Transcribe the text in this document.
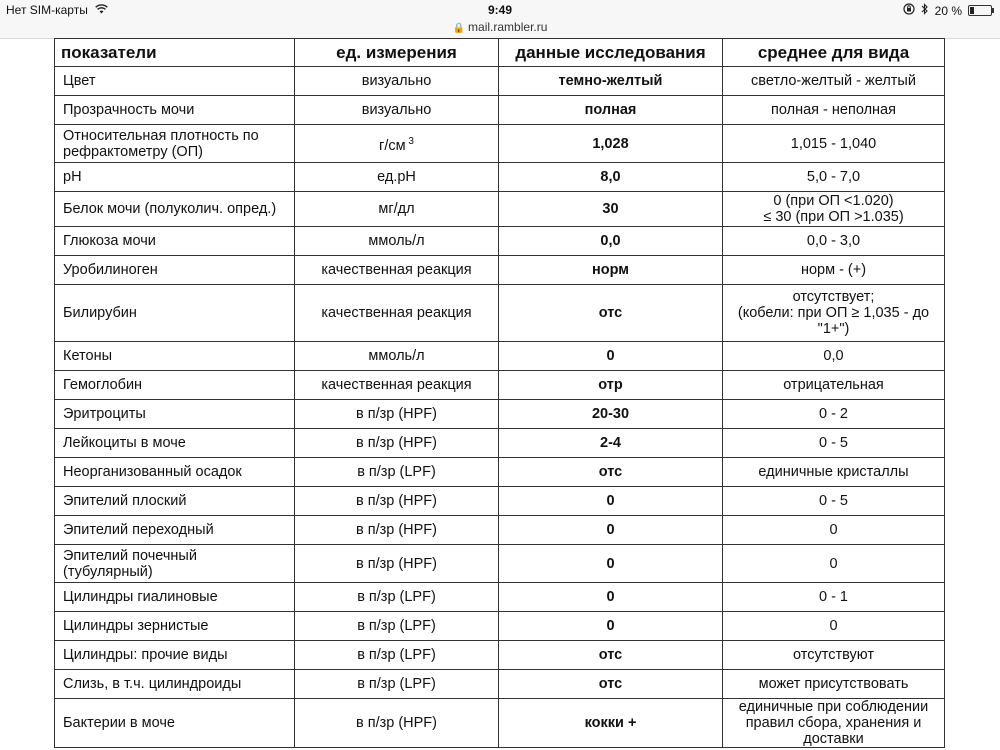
Нет SIM-карты	9:49	20 %
🔒 mail.rambler.ru
показатели	ед. измерения	данные исследования	среднее для вида
Цвет	визуально	темно-желтый	светло-желтый - желтый
Прозрачность мочи	визуально	полная	полная - неполная
Относительная плотность по рефрактометру (ОП)	г/см $^3$	1,028	1,015 - 1,040
pH	ед.pH	8,0	5,0 - 7,0
Белок мочи (полуколич. опред.)	мг/дл	30	0 (при ОП <1.020)
≤ 30 (при ОП >1.035)
Глюкоза мочи	ммоль/л	0,0	0,0 - 3,0
Уробилиноген	качественная реакция	норм	норм - (+)
Билирубин	качественная реакция	отс	отсутствует;
(кобели: при ОП ≥ 1,035 - до "1+")
Кетоны	ммоль/л	0	0,0
Гемоглобин	качественная реакция	отр	отрицательная
Эритроциты	в п/зр (HPF)	20-30	0 - 2
Лейкоциты в моче	в п/зр (HPF)	2-4	0 - 5
Неорганизованный осадок	в п/зр (LPF)	отс	единичные кристаллы
Эпителий плоский	в п/зр (HPF)	0	0 - 5
Эпителий переходный	в п/зр (HPF)	0	0
Эпителий почечный (тубулярный)	в п/зр (HPF)	0	0
Цилиндры гиалиновые	в п/зр (LPF)	0	0 - 1
Цилиндры зернистые	в п/зр (LPF)	0	0
Цилиндры: прочие виды	в п/зр (LPF)	отс	отсутствуют
Слизь, в т.ч. цилиндроиды	в п/зр (LPF)	отс	может присутствовать
Бактерии в моче	в п/зр (HPF)	кокки +	единичные при соблюдении правил сбора, хранения и доставки
